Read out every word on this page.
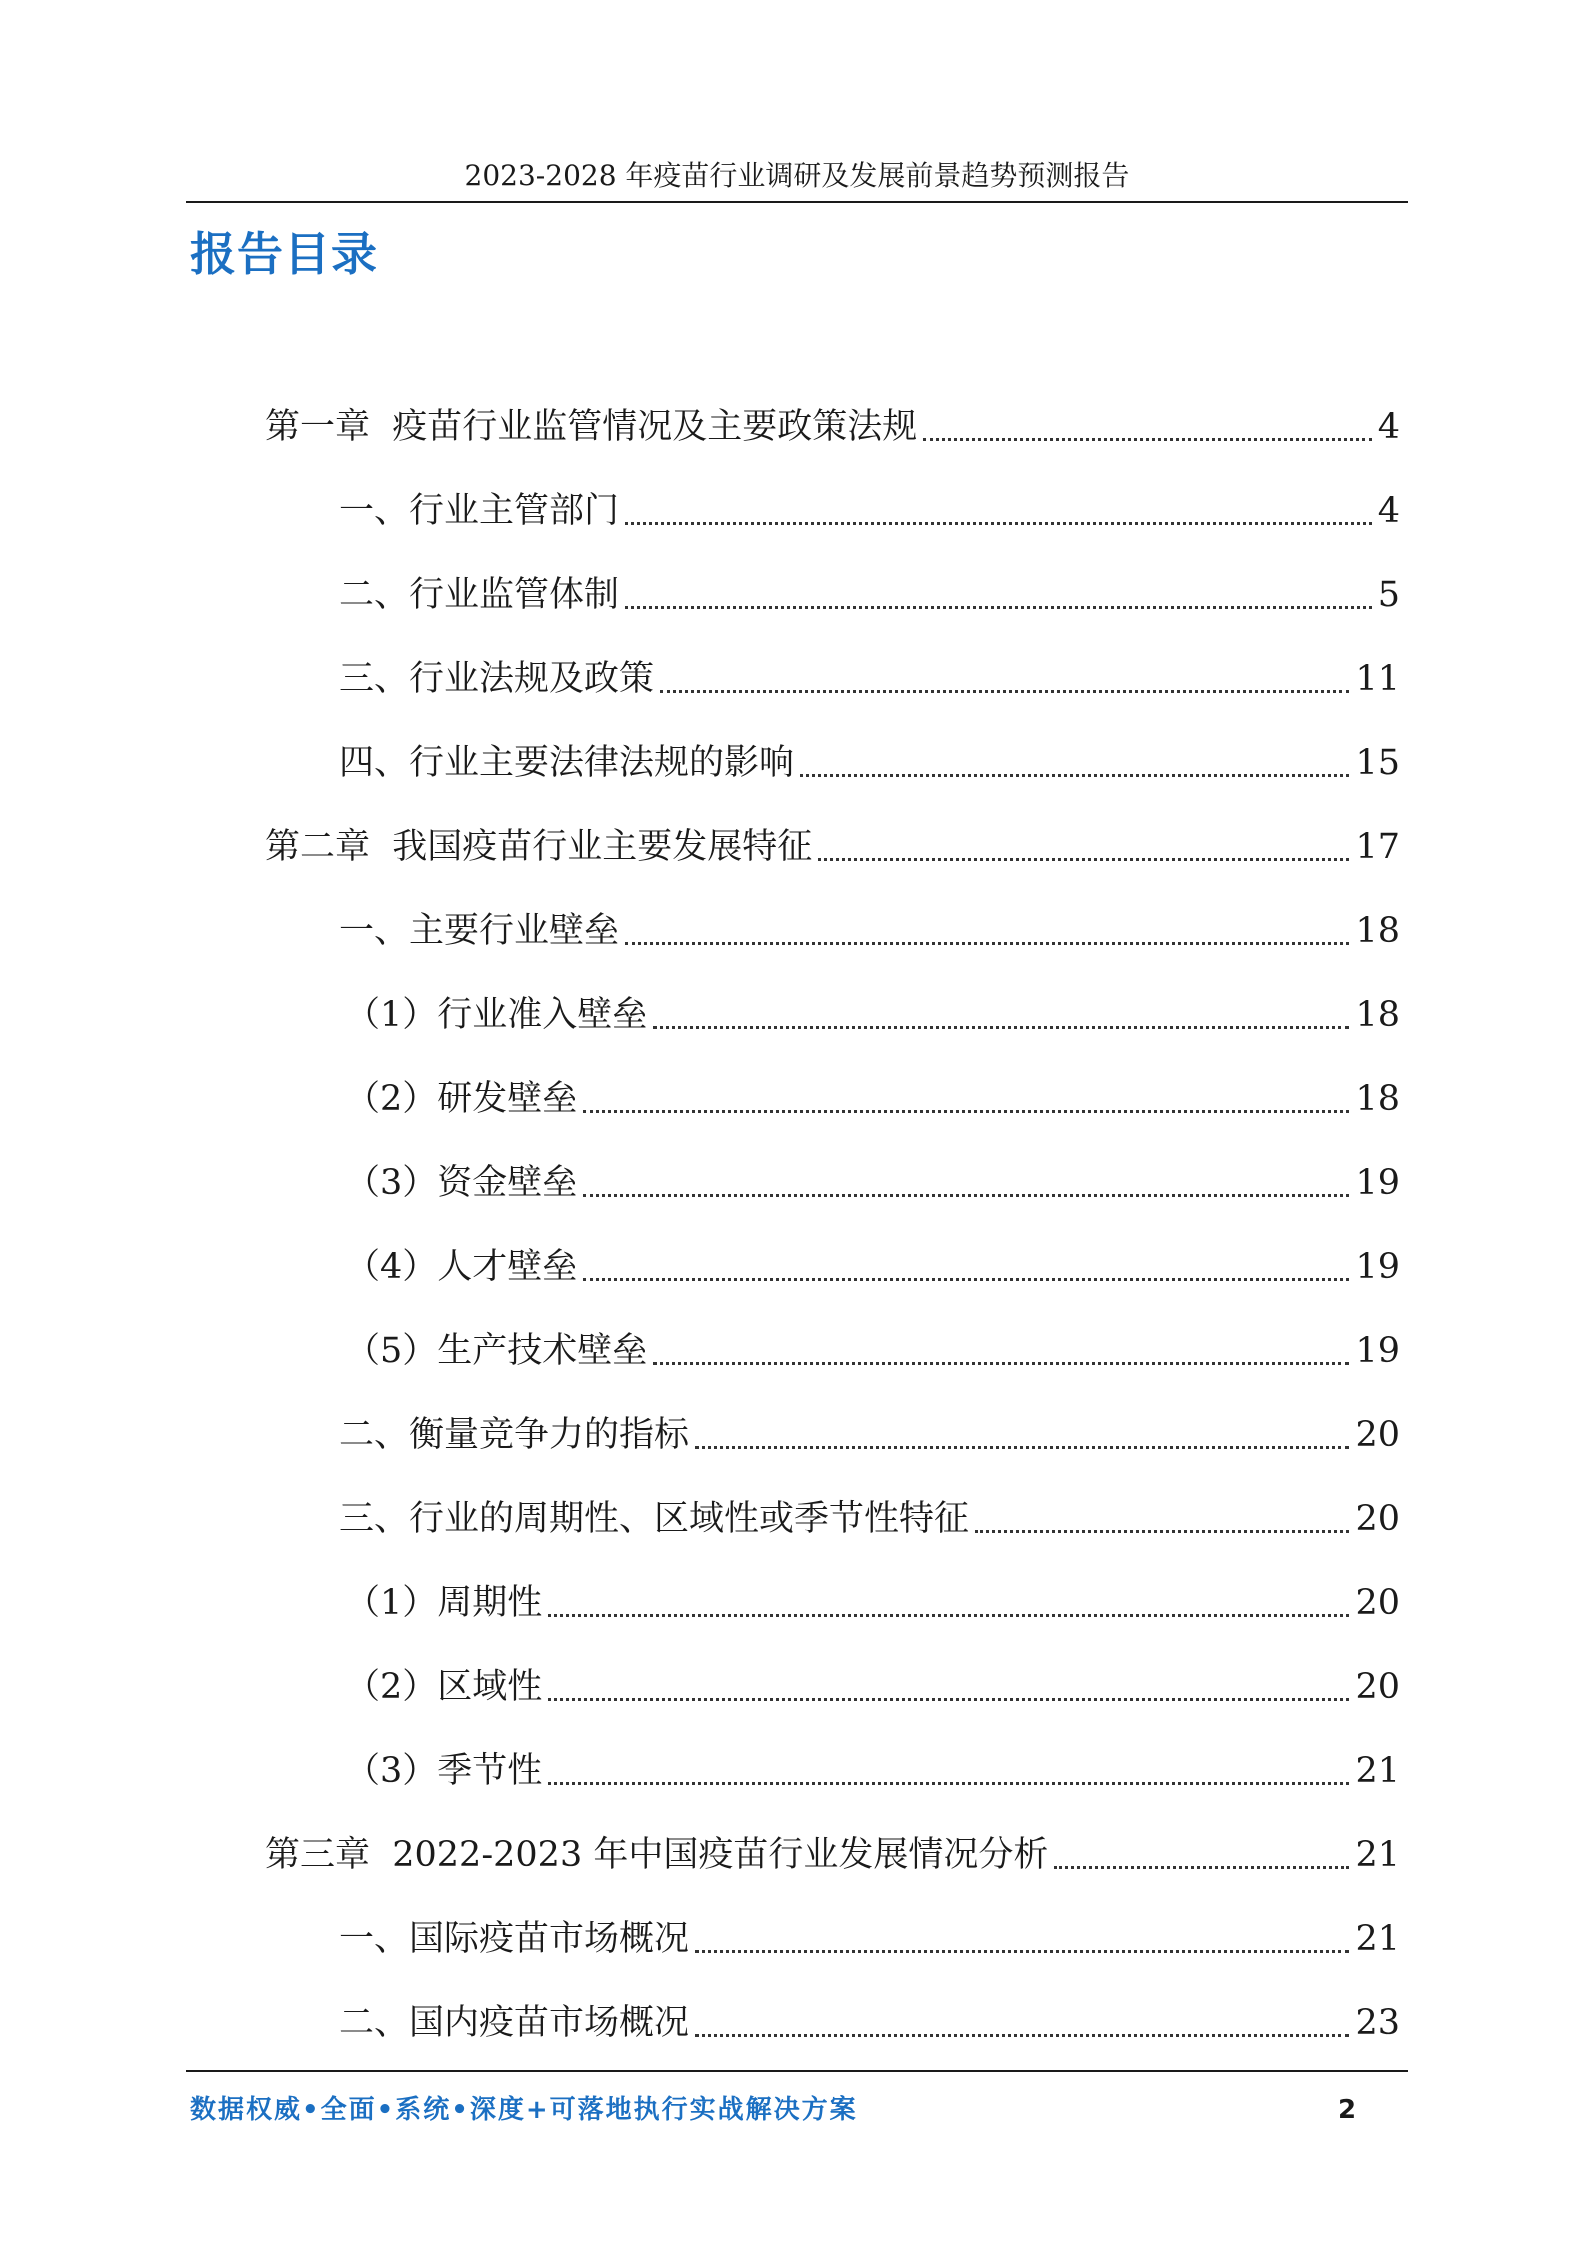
2023-2028 年疫苗行业调研及发展前景趋势预测报告
报告目录
第一章  疫苗行业监管情况及主要政策法规	4
一、行业主管部门	4
二、行业监管体制	5
三、行业法规及政策	11
四、行业主要法律法规的影响	15
第二章  我国疫苗行业主要发展特征	17
一、主要行业壁垒	18
（1）行业准入壁垒	18
（2）研发壁垒	18
（3）资金壁垒	19
（4）人才壁垒	19
（5）生产技术壁垒	19
二、衡量竞争力的指标	20
三、行业的周期性、区域性或季节性特征	20
（1）周期性	20
（2）区域性	20
（3）季节性	21
第三章  2022-2023 年中国疫苗行业发展情况分析	21
一、国际疫苗市场概况	21
二、国内疫苗市场概况	23
数据权威•全面•系统•深度+可落地执行实战解决方案	2
